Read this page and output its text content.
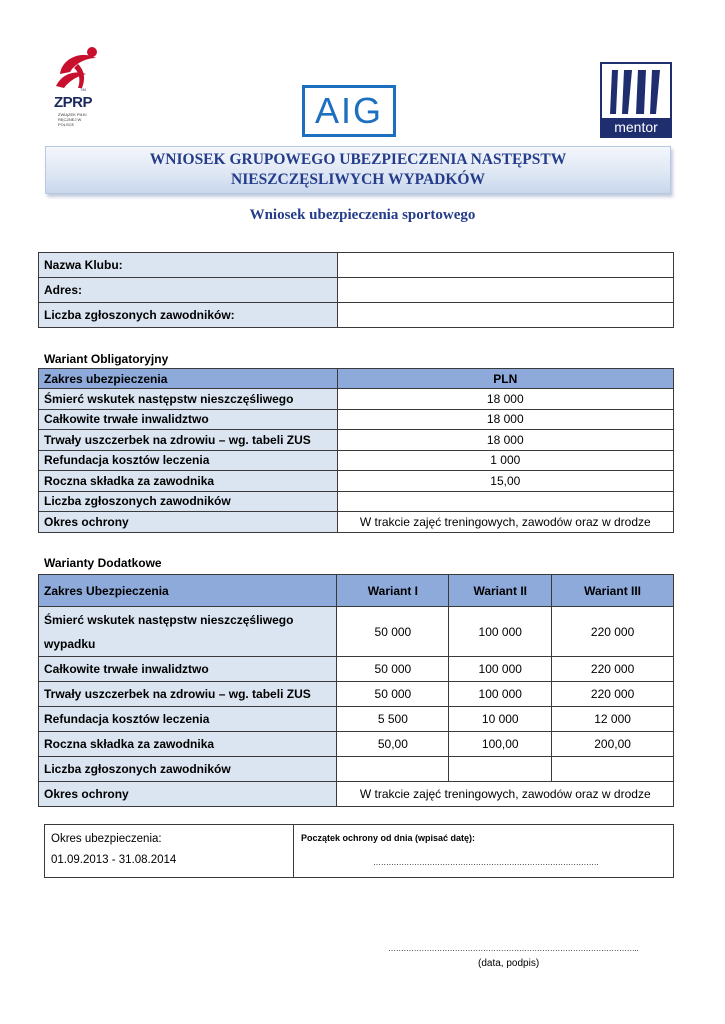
TM
ZPRP
ZWIĄZEK PIŁKI RĘCZNEJ W POLSCE	AIG	mentor
WNIOSEK GRUPOWEGO UBEZPIECZENIA NASTĘPSTW NIESZCZĘSLIWYCH WYPADKÓW
Wniosek ubezpieczenia sportowego
Nazwa Klubu:	
Adres:	
Liczba zgłoszonych zawodników:	
Wariant Obligatoryjny
Zakres ubezpieczenia	PLN
Śmierć wskutek następstw nieszczęśliwego	18 000
Całkowite trwałe inwalidztwo	18 000
Trwały uszczerbek na zdrowiu – wg. tabeli ZUS	18 000
Refundacja kosztów leczenia	1 000
Roczna składka za zawodnika	15,00
Liczba zgłoszonych zawodników	
Okres ochrony	W trakcie zajęć treningowych, zawodów oraz w drodze
Warianty Dodatkowe
Zakres Ubezpieczenia	Wariant I	Wariant II	Wariant III
Śmierć wskutek następstw nieszczęśliwego wypadku	50 000	100 000	220 000
Całkowite trwałe inwalidztwo	50 000	100 000	220 000
Trwały uszczerbek na zdrowiu – wg. tabeli ZUS	50 000	100 000	220 000
Refundacja kosztów leczenia	5 500	10 000	12 000
Roczna składka za zawodnika	50,00	100,00	200,00
Liczba zgłoszonych zawodników			
Okres ochrony	W trakcie zajęć treningowych, zawodów oraz w drodze		
Okres ubezpieczenia:
01.09.2013 - 31.08.2014
Początek ochrony od dnia (wpisać datę):
…………………………………………………………………………….
……………………………………………………………………………………..
(data, podpis)
